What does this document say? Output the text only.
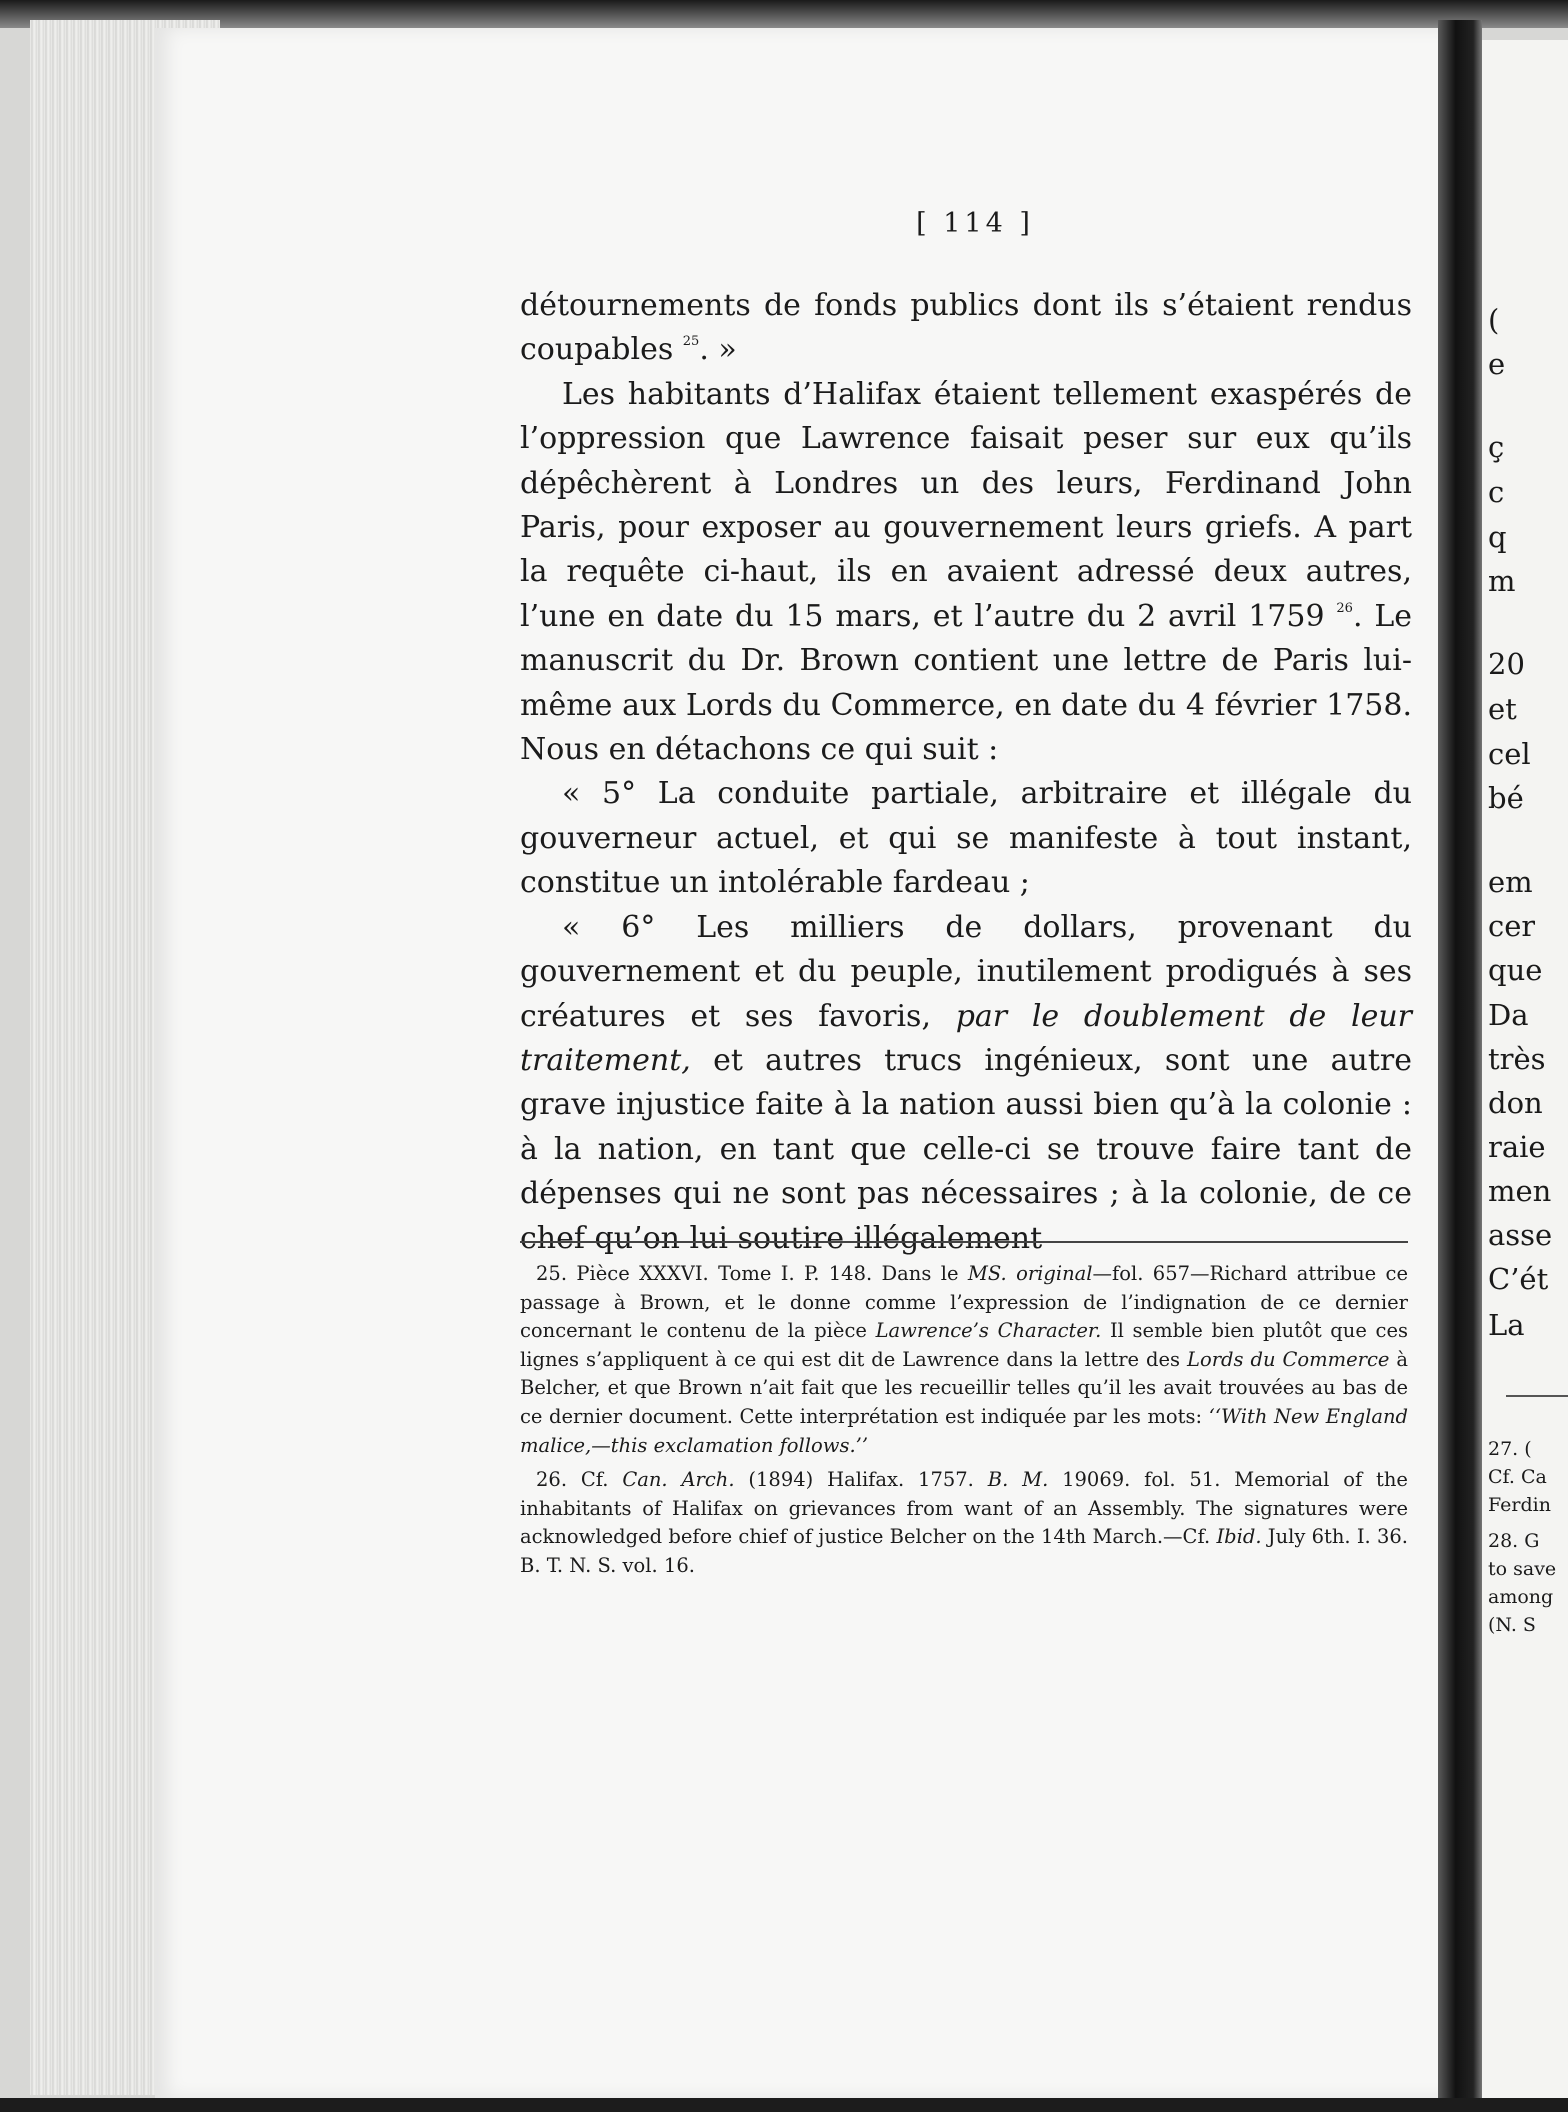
(
e
ç
c
q
m
20
et
cel
bé
em
cer
que
Da
très
don
raie
men
asse
C’ét
La
27. (
Cf. Ca
Ferdin
28. G
to save
among
(N. S
[ 114 ]

détournements de fonds publics dont ils s’étaient rendus coupables $^{25}$. »

Les habitants d’Halifax étaient tellement exaspérés de l’oppression que Lawrence faisait peser sur eux qu’ils dépêchèrent à Londres un des leurs, Ferdinand John Paris, pour exposer au gouvernement leurs griefs. A part la requête ci-haut, ils en avaient adressé deux autres, l’une en date du 15 mars, et l’autre du 2 avril 1759 $^{26}$. Le manuscrit du Dr. Brown contient une lettre de Paris lui-même aux Lords du Commerce, en date du 4 février 1758. Nous en détachons ce qui suit :

« 5° La conduite partiale, arbitraire et illégale du gouverneur actuel, et qui se manifeste à tout instant, constitue un intolérable fardeau ;

« 6° Les milliers de dollars, provenant du gouvernement et du peuple, inutilement prodigués à ses créatures et ses favoris, par le doublement de leur traitement, et autres trucs ingénieux, sont une autre grave injustice faite à la nation aussi bien qu’à la colonie : à la nation, en tant que celle-ci se trouve faire tant de dépenses qui ne sont pas nécessaires ; à la colonie, de ce chef qu’on lui soutire illégalement

25. Pièce XXXVI. Tome I. P. 148. Dans le MS. original—fol. 657—Richard attribue ce passage à Brown, et le donne comme l’expression de l’indignation de ce dernier concernant le contenu de la pièce Lawrence’s Character. Il semble bien plutôt que ces lignes s’appliquent à ce qui est dit de Lawrence dans la lettre des Lords du Commerce à Belcher, et que Brown n’ait fait que les recueillir telles qu’il les avait trouvées au bas de ce dernier document. Cette interprétation est indiquée par les mots: ‘‘With New England malice,—this exclamation follows.’’

26. Cf. Can. Arch. (1894) Halifax. 1757. B. M. 19069. fol. 51. Memorial of the inhabitants of Halifax on grievances from want of an Assembly. The signatures were acknowledged before chief of justice Belcher on the 14th March.—Cf. Ibid. July 6th. I. 36. B. T. N. S. vol. 16.
